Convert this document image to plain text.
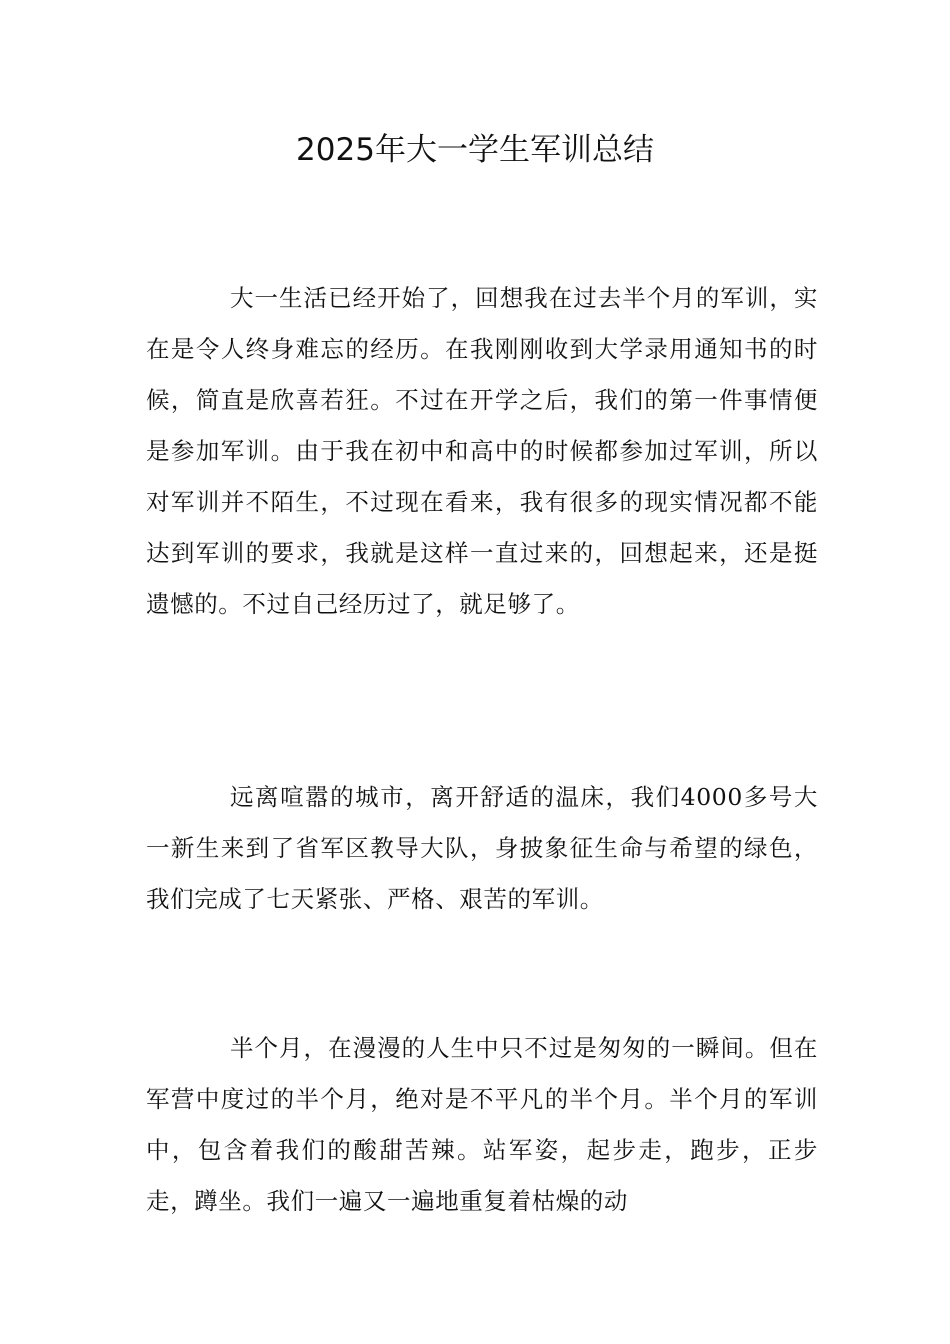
2025年大一学生军训总结

大一生活已经开始了，回想我在过去半个月的军训，实在是令人终身难忘的经历。在我刚刚收到大学录用通知书的时候，简直是欣喜若狂。不过在开学之后，我们的第一件事情便是参加军训。由于我在初中和高中的时候都参加过军训，所以对军训并不陌生，不过现在看来，我有很多的现实情况都不能达到军训的要求，我就是这样一直过来的，回想起来，还是挺遗憾的。不过自己经历过了，就足够了。

远离喧嚣的城市，离开舒适的温床，我们4000多号大一新生来到了省军区教导大队，身披象征生命与希望的绿色，我们完成了七天紧张、严格、艰苦的军训。

半个月，在漫漫的人生中只不过是匆匆的一瞬间。但在军营中度过的半个月，绝对是不平凡的半个月。半个月的军训中，包含着我们的酸甜苦辣。站军姿，起步走，跑步，正步走，蹲坐。我们一遍又一遍地重复着枯燥的动
